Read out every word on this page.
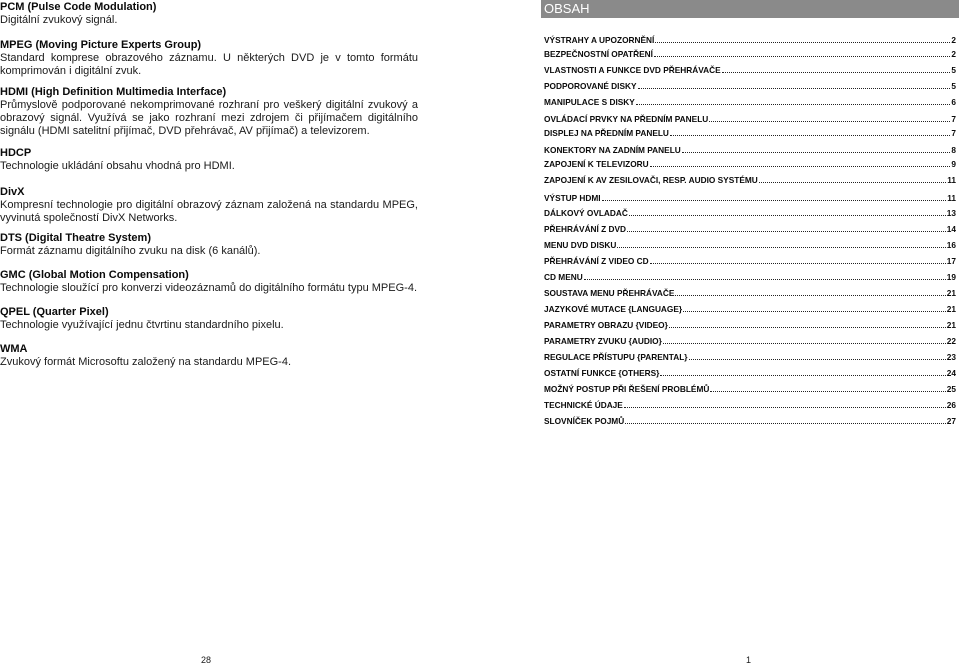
PCM (Pulse Code Modulation)

Digitální zvukový signál.

MPEG (Moving Picture Experts Group)

Standard komprese obrazového záznamu. U některých DVD je v tomto formátu komprimován i digitální zvuk.

HDMI (High Definition Multimedia Interface)

Průmyslově podporované nekomprimované rozhraní pro veškerý digitální zvukový a obrazový signál. Využívá se jako rozhraní mezi zdrojem či přijímačem digitálního signálu (HDMI satelitní přijímač, DVD přehrávač, AV přijímač) a televizorem.

HDCP

Technologie ukládání obsahu vhodná pro HDMI.

DivX

Kompresní technologie pro digitální obrazový záznam založená na standardu MPEG, vyvinutá společností DivX Networks.

DTS (Digital Theatre System)

Formát záznamu digitálního zvuku na disk (6 kanálů).

GMC (Global Motion Compensation)

Technologie sloužící pro konverzi videozáznamů do digitálního formátu typu MPEG-4.

QPEL (Quarter Pixel)

Technologie využívající jednu čtvrtinu standardního pixelu.

WMA

Zvukový formát Microsoftu založený na standardu MPEG-4.

OBSAH
VÝSTRAHY A UPOZORNĚNÍ	2
BEZPEČNOSTNÍ OPATŘENÍ	2
VLASTNOSTI A FUNKCE DVD PŘEHRÁVAČE	5
PODPOROVANÉ DISKY	5
MANIPULACE S DISKY	6
OVLÁDACÍ PRVKY NA PŘEDNÍM PANELU	7
DISPLEJ NA PŘEDNÍM PANELU	7
KONEKTORY NA ZADNÍM PANELU	8
ZAPOJENÍ K TELEVIZORU	9
ZAPOJENÍ K AV ZESILOVAČI, RESP. AUDIO SYSTÉMU	11
VÝSTUP HDMI	11
DÁLKOVÝ OVLADAČ	13
PŘEHRÁVÁNÍ Z DVD	14
MENU DVD DISKU	16
PŘEHRÁVÁNÍ Z VIDEO CD	17
CD MENU	19
SOUSTAVA MENU PŘEHRÁVAČE	21
JAZYKOVÉ MUTACE {LANGUAGE}	21
PARAMETRY OBRAZU {VIDEO}	21
PARAMETRY ZVUKU {AUDIO}	22
REGULACE PŘÍSTUPU {PARENTAL}	23
OSTATNÍ FUNKCE {OTHERS}	24
MOŽNÝ POSTUP PŘI ŘEŠENÍ PROBLÉMŮ	25
TECHNICKÉ ÚDAJE	26
SLOVNÍČEK POJMŮ	27
28	1
